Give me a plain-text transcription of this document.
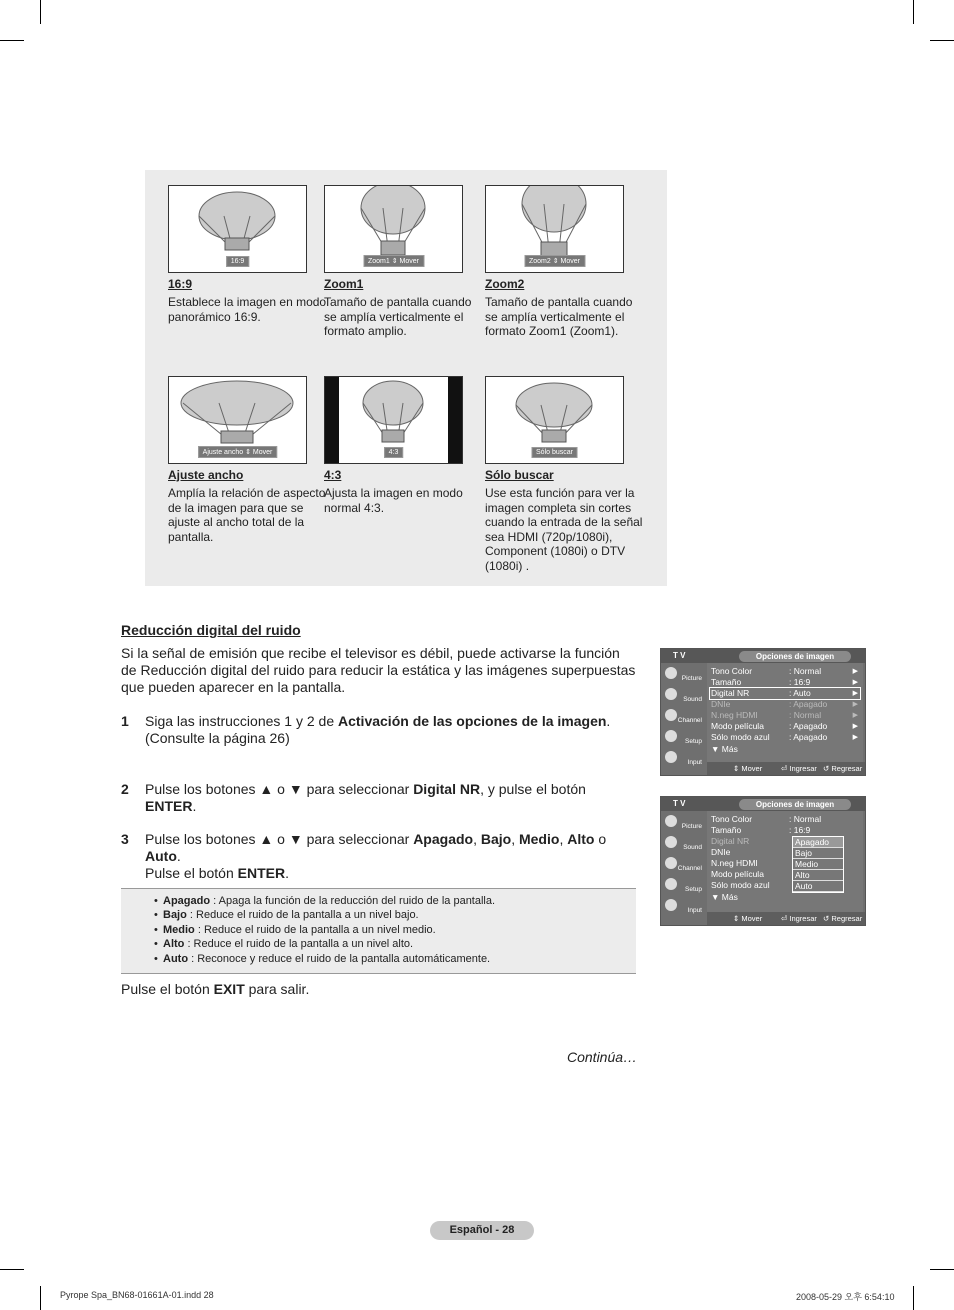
16:9
16:9
Establece la imagen en modo panorámico 16:9.
Zoom1 ⇕ Mover
Zoom1
Tamaño de pantalla cuando se amplía verticalmente el formato amplio.
Zoom2 ⇕ Mover
Zoom2
Tamaño de pantalla cuando se amplía verticalmente el formato Zoom1 (Zoom1).
Ajuste ancho ⇕ Mover
Ajuste ancho
Amplía la relación de aspecto de la imagen para que se ajuste al ancho total de la pantalla.
4:3
4:3
Ajusta la imagen en modo normal 4:3.
Sólo buscar
Sólo buscar
Use esta función para ver la imagen completa sin cortes cuando la entrada de la señal sea HDMI (720p/1080i), Component (1080i) o DTV (1080i) .
Reducción digital del ruido
Si la señal de emisión que recibe el televisor es débil, puede activarse la función de Reducción digital del ruido para reducir la estática y las imágenes superpuestas que pueden aparecer en la pantalla.
1 Siga las instrucciones 1 y 2 de Activación de las opciones de la imagen. (Consulte la página 26)
2 Pulse los botones ▲ o ▼ para seleccionar Digital NR, y pulse el botón ENTER.
3 Pulse los botones ▲ o ▼ para seleccionar Apagado, Bajo, Medio, Alto o
Auto.
Pulse el botón ENTER.
• Apagado : Apaga la función de la reducción del ruido de la pantalla.
• Bajo : Reduce el ruido de la pantalla a un nivel bajo.
• Medio : Reduce el ruido de la pantalla a un nivel medio.
• Alto : Reduce el ruido de la pantalla a un nivel alto.
• Auto : Reconoce y reduce el ruido de la pantalla automáticamente.
Pulse el botón EXIT para salir.
Continúa…
T V	Opciones de imagen
Picture
Sound
Channel
Setup
Input
Tono Color	: Normal	▶
Tamaño	: 16:9	▶
Digital NR	: Auto	▶
DNIe	: Apagado	▶
N.neg HDMI	: Normal	▶
Modo película	: Apagado	▶
Sólo modo azul : Apagado	▶
▼ Más
⇕ Mover	⏎ Ingresar ↺ Regresar
T V	Opciones de imagen
Picture
Sound
Channel
Setup
Input
Tono Color	: Normal
Tamaño	: 16:9
Digital NR
DNIe
N.neg HDMI
Modo película
Sólo modo azul
▼ Más
Apagado
Bajo
Medio
Alto
Auto
⇕ Mover	⏎ Ingresar ↺ Regresar
Español - 28
Pyrope Spa_BN68-01661A-01.indd 28	2008-05-29 오후 6:54:10
